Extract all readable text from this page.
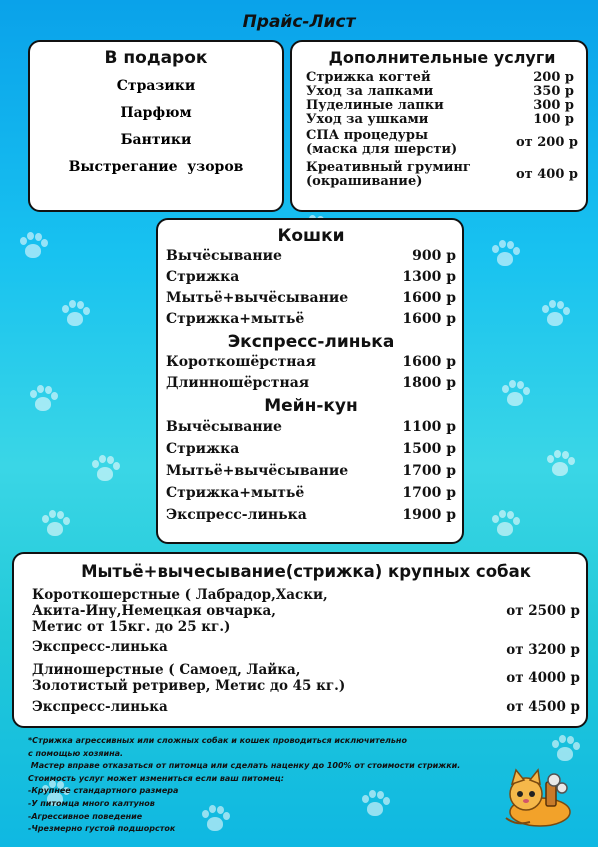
Прайс-Лист
В подарок
Стразики
Парфюм
Бантики
Выстрегание  узоров
Дополнительные услуги
Стрижка когтей	200 р
Уход за лапками	350 р
Пуделиные лапки	300 р
Уход за ушками	100 р
СПА процедуры
(маска для шерсти)	от 200 р
Креативный груминг
(окрашивание)	от 400 р
Кошки
Вычёсывание	900 р
Стрижка	1300 р
Мытьё+вычёсывание	1600 р
Стрижка+мытьё	1600 р
Экспресс-линька
Короткошёрстная	1600 р
Длинношёрстная	1800 р
Мейн-кун
Вычёсывание	1100 р
Стрижка	1500 р
Мытьё+вычёсывание	1700 р
Стрижка+мытьё	1700 р
Экспресс-линька	1900 р
Мытьё+вычесывание(стрижка) крупных собак
Короткошерстные ( Лабрадор,Хаски,
Акита-Ину,Немецкая овчарка,
Метис от 15кг. до 25 кг.)
от 2500 р
Экспресс-линька	от 3200 р
Длиношерстные ( Самоед, Лайка,
Золотистый ретривер, Метис до 45 кг.)	от 4000 р
Экспресс-линька	от 4500 р
*Стрижка агрессивных или сложных собак и кошек проводиться исключительно
с помощью хозяина.
Мастер вправе отказаться от питомца или сделать наценку до 100% от стоимости стрижки.
Стоимость услуг может измениться если ваш питомец:
-Крупнее стандартного размера
-У питомца много калтунов
-Агрессивное поведение
-Чрезмерно густой подшорсток
